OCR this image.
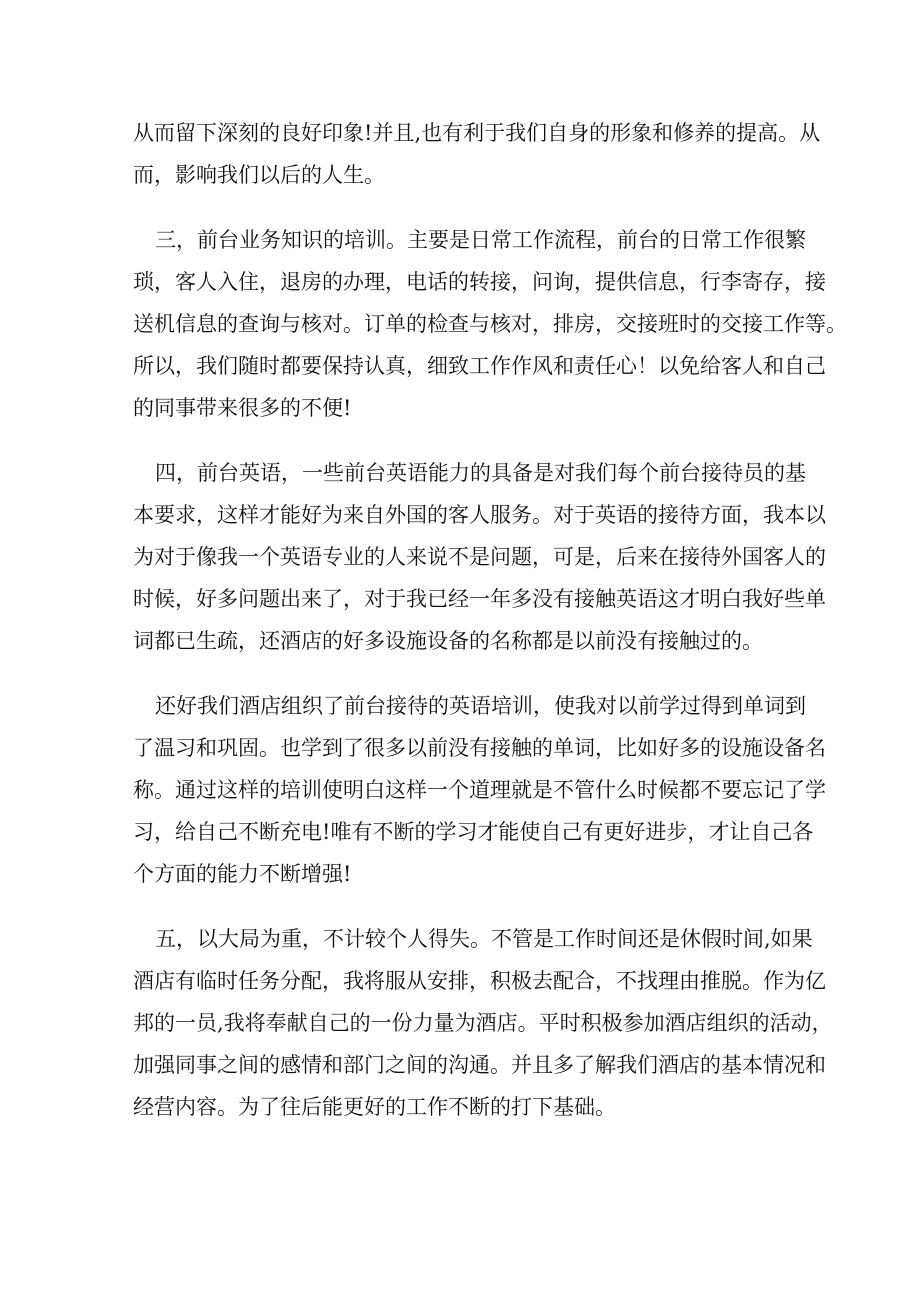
从而留下深刻的良好印象!并且,也有利于我们自身的形象和修养的提高。从
而，影响我们以后的人生。

三，前台业务知识的培训。主要是日常工作流程，前台的日常工作很繁
琐，客人入住，退房的办理，电话的转接，问询，提供信息，行李寄存，接
送机信息的查询与核对。订单的检查与核对，排房，交接班时的交接工作等。
所以，我们随时都要保持认真，细致工作作风和责任心！以免给客人和自己
的同事带来很多的不便!

四，前台英语，一些前台英语能力的具备是对我们每个前台接待员的基
本要求，这样才能好为来自外国的客人服务。对于英语的接待方面，我本以
为对于像我一个英语专业的人来说不是问题，可是，后来在接待外国客人的
时候，好多问题出来了，对于我已经一年多没有接触英语这才明白我好些单
词都已生疏，还酒店的好多设施设备的名称都是以前没有接触过的。

还好我们酒店组织了前台接待的英语培训，使我对以前学过得到单词到
了温习和巩固。也学到了很多以前没有接触的单词，比如好多的设施设备名
称。通过这样的培训使明白这样一个道理就是不管什么时候都不要忘记了学
习，给自己不断充电!唯有不断的学习才能使自己有更好进步，才让自己各
个方面的能力不断增强!

五，以大局为重，不计较个人得失。不管是工作时间还是休假时间,如果
酒店有临时任务分配，我将服从安排，积极去配合，不找理由推脱。作为亿
邦的一员,我将奉献自己的一份力量为酒店。平时积极参加酒店组织的活动，
加强同事之间的感情和部门之间的沟通。并且多了解我们酒店的基本情况和
经营内容。为了往后能更好的工作不断的打下基础。
